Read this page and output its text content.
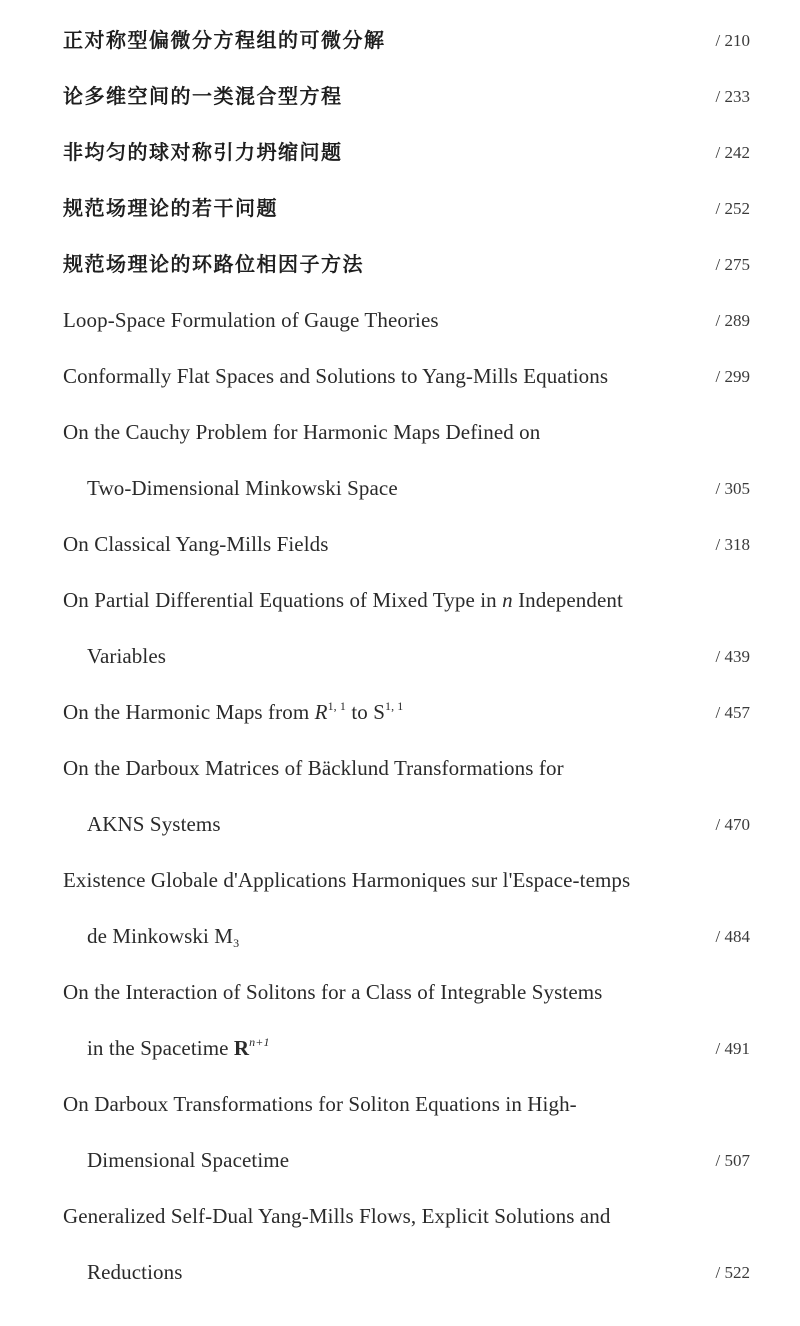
正对称型偏微分方程组的可微分解	/ 210
论多维空间的一类混合型方程	/ 233
非均匀的球对称引力坍缩问题	/ 242
规范场理论的若干问题	/ 252
规范场理论的环路位相因子方法	/ 275
Loop-Space Formulation of Gauge Theories	/ 289
Conformally Flat Spaces and Solutions to Yang-Mills Equations	/ 299
On the Cauchy Problem for Harmonic Maps Defined on
Two-Dimensional Minkowski Space	/ 305
On Classical Yang-Mills Fields	/ 318
On Partial Differential Equations of Mixed Type in n Independent
Variables	/ 439
On the Harmonic Maps from R$^{1, 1}$ to S$^{1, 1}$	/ 457
On the Darboux Matrices of Bäcklund Transformations for
AKNS Systems	/ 470
Existence Globale d'Applications Harmoniques sur l'Espace-temps
de Minkowski $M_3$	/ 484
On the Interaction of Solitons for a Class of Integrable Systems
in the Spacetime $R^{n+1}$	/ 491
On Darboux Transformations for Soliton Equations in High-
Dimensional Spacetime	/ 507
Generalized Self-Dual Yang-Mills Flows, Explicit Solutions and
Reductions	/ 522
